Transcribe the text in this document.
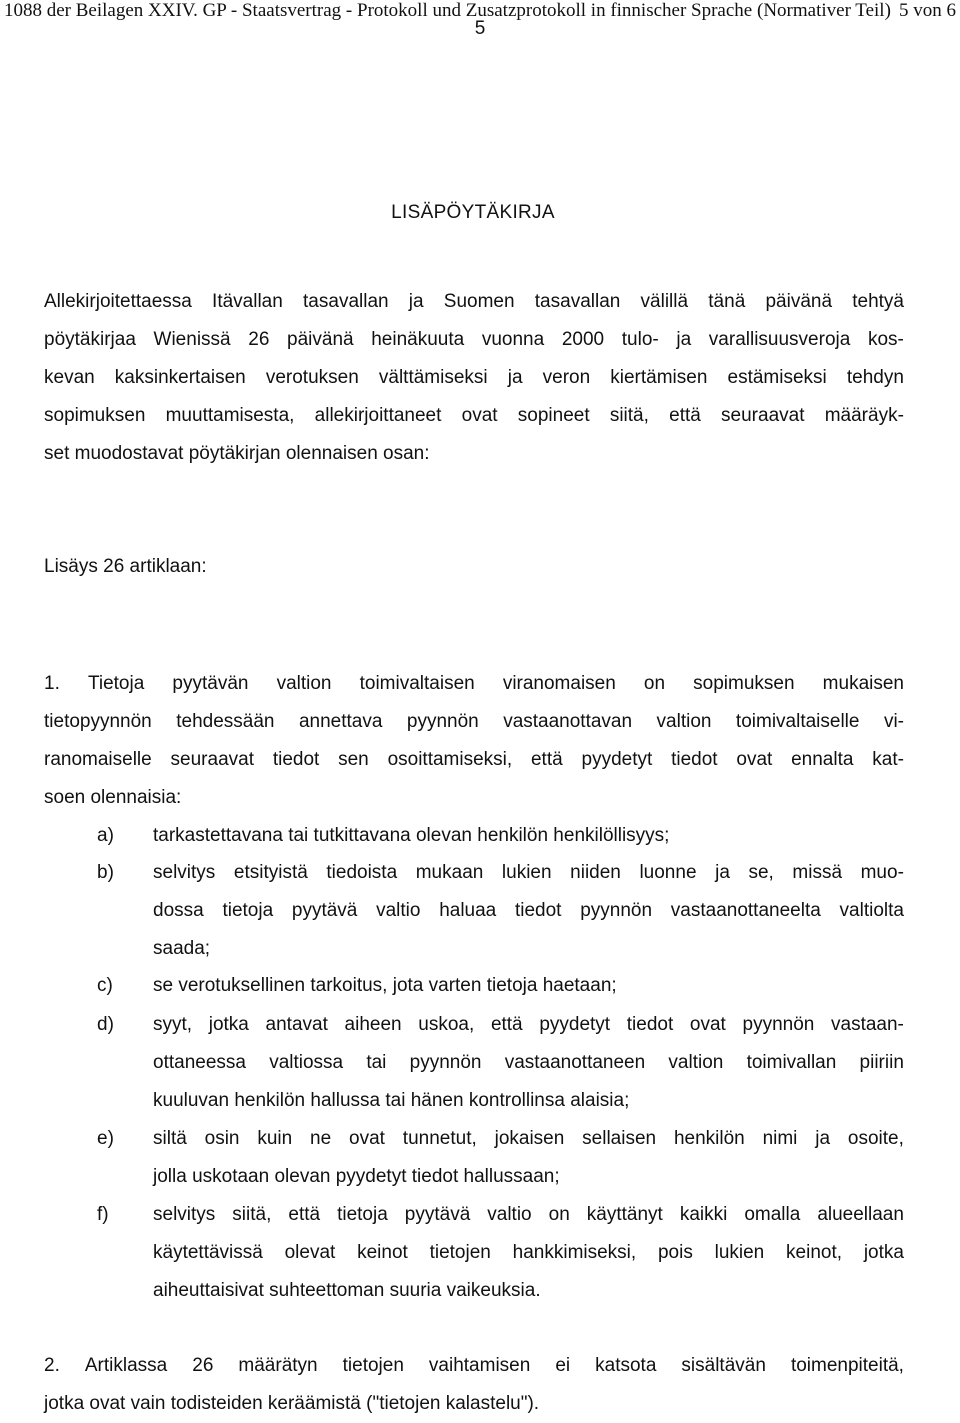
1088 der Beilagen XXIV. GP - Staatsvertrag - Protokoll und Zusatzprotokoll in finnischer Sprache (Normativer Teil) 5 von 6
5
LISÄPÖYTÄKIRJA
Allekirjoitettaessa Itävallan tasavallan ja Suomen tasavallan välillä tänä päivänä tehtyä
pöytäkirjaa Wienissä 26 päivänä heinäkuuta vuonna 2000 tulo- ja varallisuusveroja kos-
kevan kaksinkertaisen verotuksen välttämiseksi ja veron kiertämisen estämiseksi tehdyn
sopimuksen muuttamisesta, allekirjoittaneet ovat sopineet siitä, että seuraavat määräyk-
set muodostavat pöytäkirjan olennaisen osan:
Lisäys 26 artiklaan:
1. Tietoja pyytävän valtion toimivaltaisen viranomaisen on sopimuksen mukaisen
tietopyynnön tehdessään annettava pyynnön vastaanottavan valtion toimivaltaiselle vi-
ranomaiselle seuraavat tiedot sen osoittamiseksi, että pyydetyt tiedot ovat ennalta kat-
soen olennaisia:
a) tarkastettavana tai tutkittavana olevan henkilön henkilöllisyys;
b) selvitys etsityistä tiedoista mukaan lukien niiden luonne ja se, missä muo-
dossa tietoja pyytävä valtio haluaa tiedot pyynnön vastaanottaneelta valtiolta
saada;
c) se verotuksellinen tarkoitus, jota varten tietoja haetaan;
d) syyt, jotka antavat aiheen uskoa, että pyydetyt tiedot ovat pyynnön vastaan-
ottaneessa valtiossa tai pyynnön vastaanottaneen valtion toimivallan piiriin
kuuluvan henkilön hallussa tai hänen kontrollinsa alaisia;
e) siltä osin kuin ne ovat tunnetut, jokaisen sellaisen henkilön nimi ja osoite,
jolla uskotaan olevan pyydetyt tiedot hallussaan;
f) selvitys siitä, että tietoja pyytävä valtio on käyttänyt kaikki omalla alueellaan
käytettävissä olevat keinot tietojen hankkimiseksi, pois lukien keinot, jotka
aiheuttaisivat suhteettoman suuria vaikeuksia.
2. Artiklassa 26 määrätyn tietojen vaihtamisen ei katsota sisältävän toimenpiteitä,
jotka ovat vain todisteiden keräämistä ("tietojen kalastelu").
